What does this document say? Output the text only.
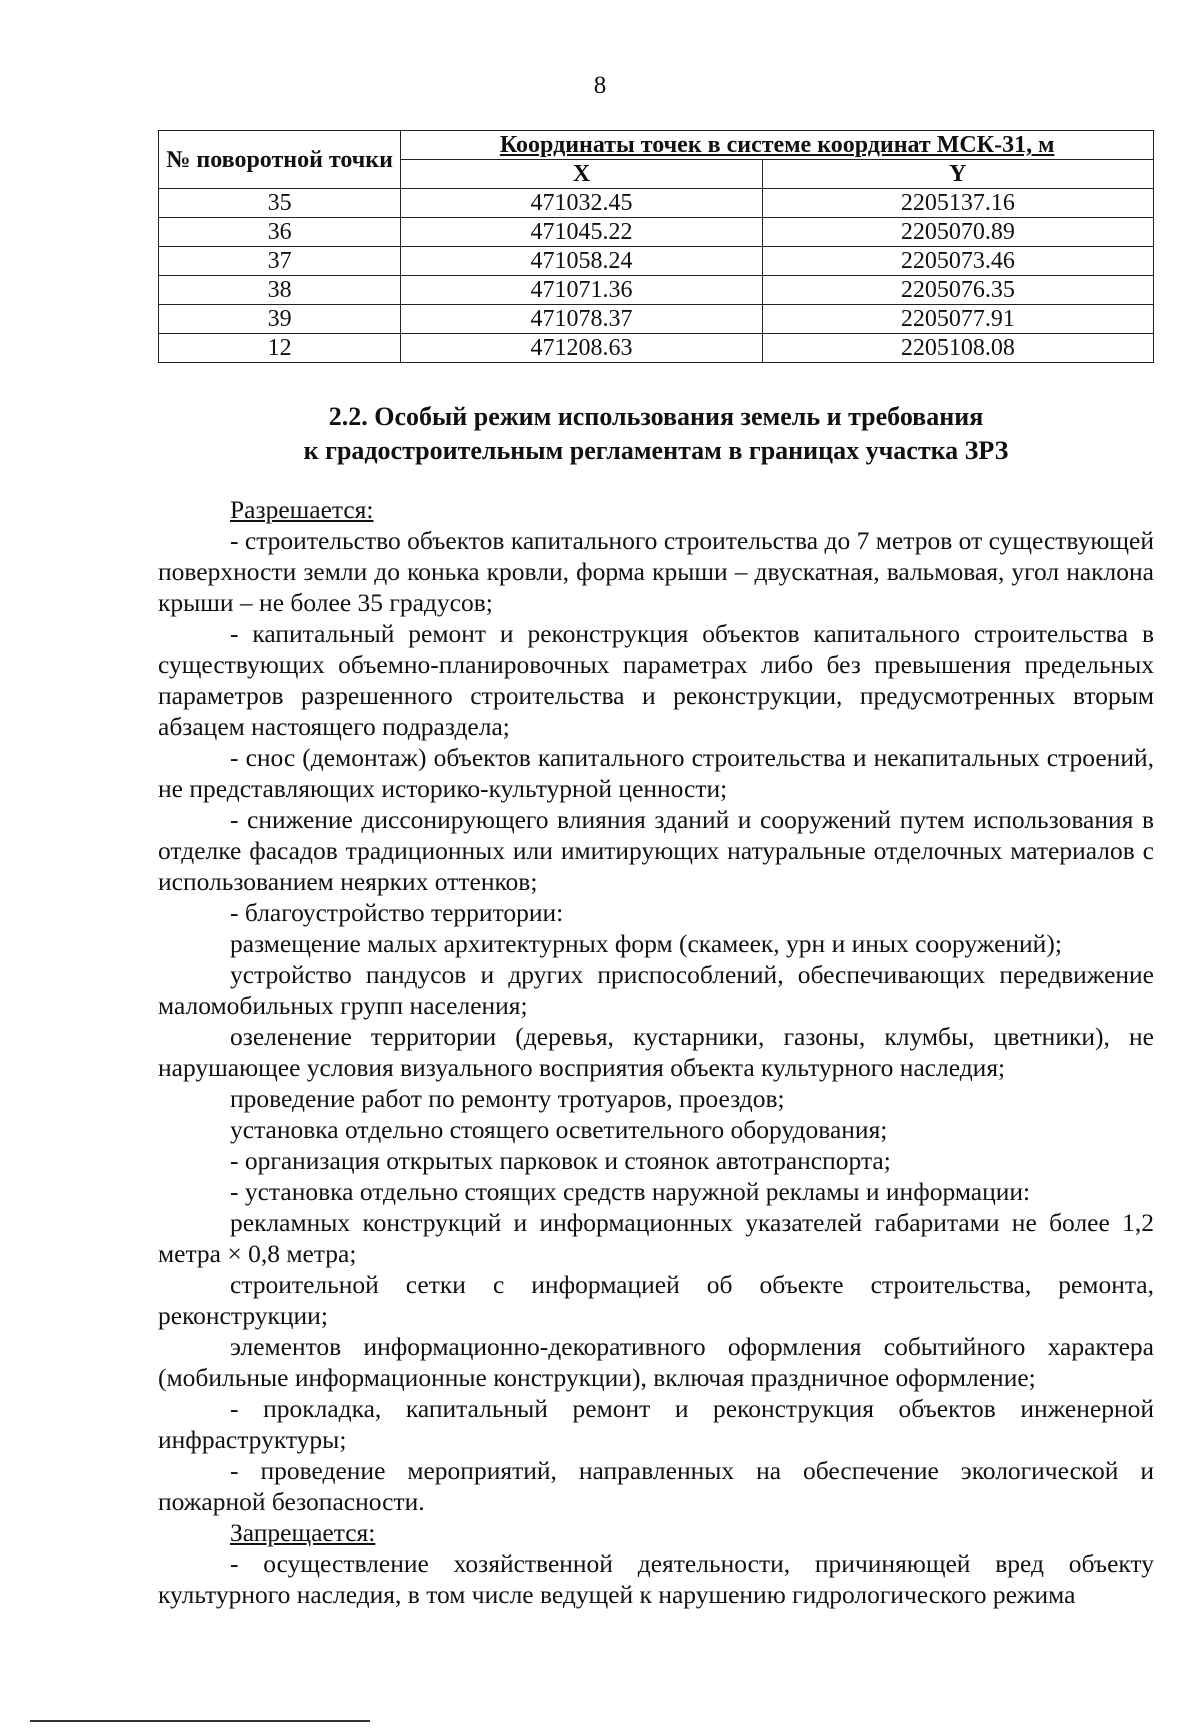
8
№ поворотной точки	Координаты точек в системе координат МСК-31, м	
	X	Y
35	471032.45	2205137.16
36	471045.22	2205070.89
37	471058.24	2205073.46
38	471071.36	2205076.35
39	471078.37	2205077.91
12	471208.63	2205108.08
2.2. Особый режим использования земель и требования
к градостроительным регламентам в границах участка ЗРЗ

Разрешается:

- строительство объектов капитального строительства до 7 метров от существующей поверхности земли до конька кровли, форма крыши – двускатная, вальмовая, угол наклона крыши – не более 35 градусов;

- капитальный ремонт и реконструкция объектов капитального строительства в существующих объемно-планировочных параметрах либо без превышения предельных параметров разрешенного строительства и реконструкции, предусмотренных вторым абзацем настоящего подраздела;

- снос (демонтаж) объектов капитального строительства и некапитальных строений, не представляющих историко-культурной ценности;

- снижение диссонирующего влияния зданий и сооружений путем использования в отделке фасадов традиционных или имитирующих натуральные отделочных материалов с использованием неярких оттенков;

- благоустройство территории:

размещение малых архитектурных форм (скамеек, урн и иных сооружений);

устройство пандусов и других приспособлений, обеспечивающих передвижение маломобильных групп населения;

озеленение территории (деревья, кустарники, газоны, клумбы, цветники), не нарушающее условия визуального восприятия объекта культурного наследия;

проведение работ по ремонту тротуаров, проездов;

установка отдельно стоящего осветительного оборудования;

- организация открытых парковок и стоянок автотранспорта;

- установка отдельно стоящих средств наружной рекламы и информации:

рекламных конструкций и информационных указателей габаритами не более 1,2 метра × 0,8 метра;

строительной сетки с информацией об объекте строительства, ремонта, реконструкции;

элементов информационно-декоративного оформления событийного характера (мобильные информационные конструкции), включая праздничное оформление;

- прокладка, капитальный ремонт и реконструкция объектов инженерной инфраструктуры;

- проведение мероприятий, направленных на обеспечение экологической и пожарной безопасности.

Запрещается:

- осуществление хозяйственной деятельности, причиняющей вред объекту культурного наследия, в том числе ведущей к нарушению гидрологического режима
